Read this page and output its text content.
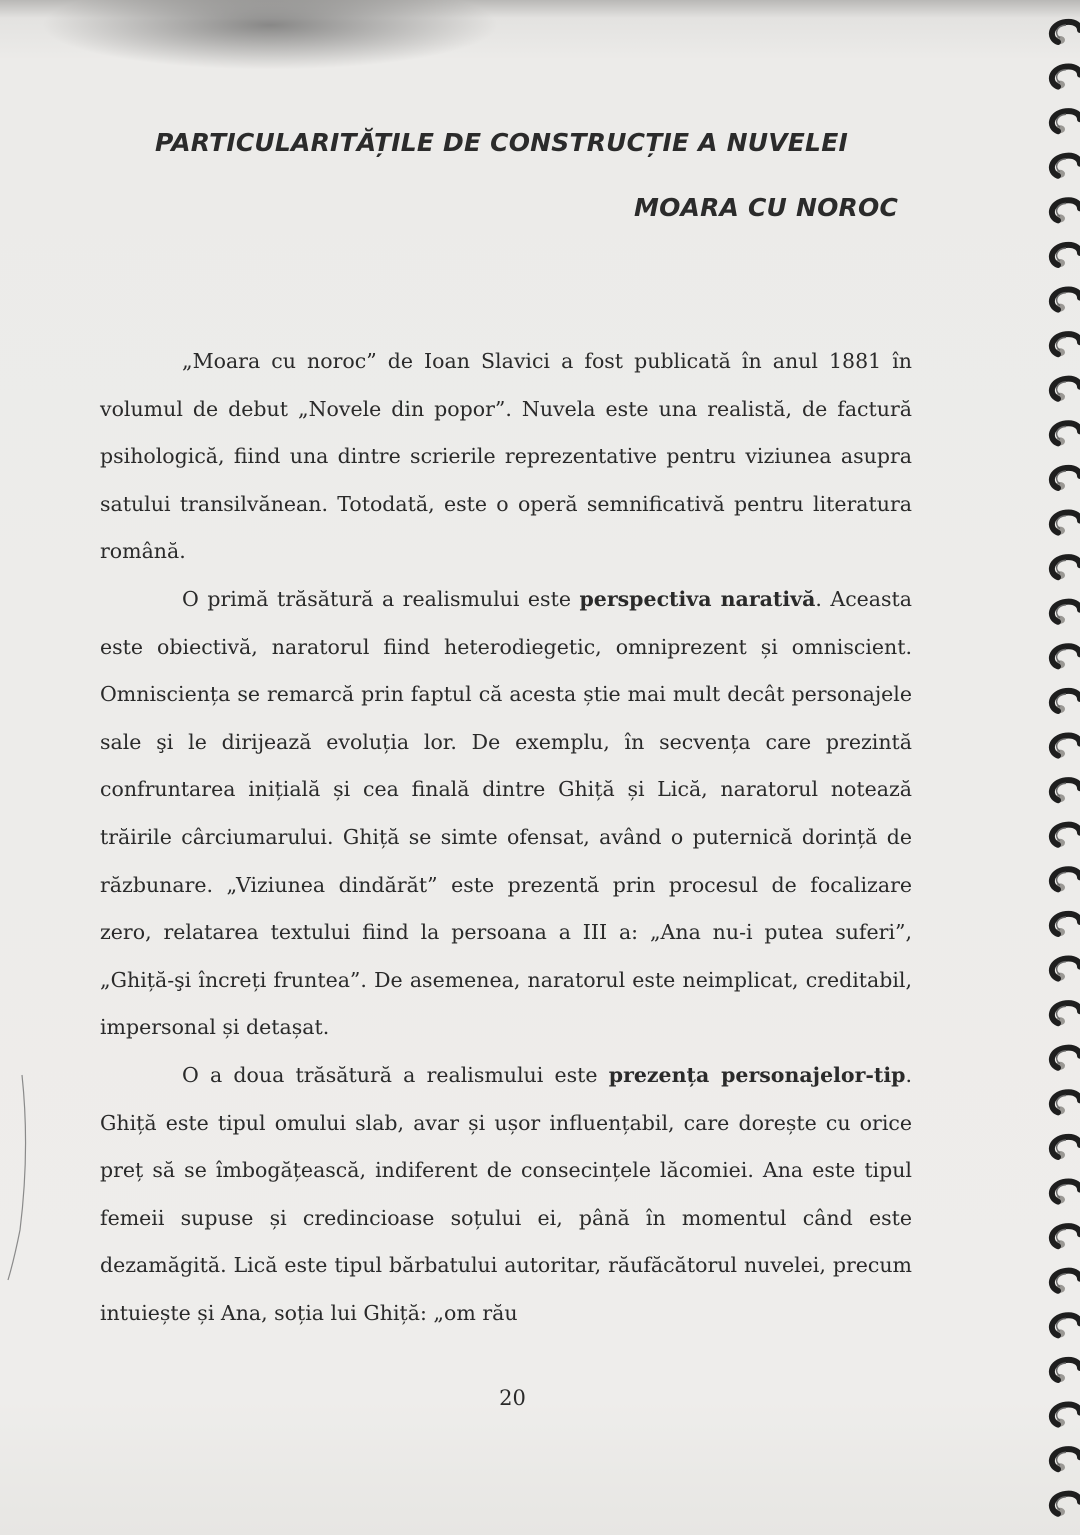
PARTICULARITĂȚILE DE CONSTRUCȚIE A NUVELEI
MOARA CU NOROC

„Moara cu noroc” de Ioan Slavici a fost publicată în anul 1881 în volumul de debut „Novele din popor”. Nuvela este una realistă, de factură psihologică, fiind una dintre scrierile reprezentative pentru viziunea asupra satului transilvănean. Totodată, este o operă semnificativă pentru literatura română.

O primă trăsătură a realismului este perspectiva narativă. Aceasta este obiectivă, naratorul fiind heterodiegetic, omniprezent și omniscient. Omnisciența se remarcă prin faptul că acesta știe mai mult decât personajele sale şi le dirijează evoluția lor. De exemplu, în secvența care prezintă confruntarea inițială și cea finală dintre Ghiță și Lică, naratorul notează trăirile cârciumarului. Ghiță se simte ofensat, având o puternică dorință de răzbunare. „Viziunea dindărăt” este prezentă prin procesul de focalizare zero, relatarea textului fiind la persoana a III a: „Ana nu-i putea suferi”, „Ghiță-şi încreți fruntea”. De asemenea, naratorul este neimplicat, creditabil, impersonal și detașat.

O a doua trăsătură a realismului este prezența personajelor-tip. Ghiță este tipul omului slab, avar și ușor influențabil, care dorește cu orice preț să se îmbogățească, indiferent de consecințele lăcomiei. Ana este tipul femeii supuse și credincioase soțului ei, până în momentul când este dezamăgită. Lică este tipul bărbatului autoritar, răufăcătorul nuvelei, precum intuiește și Ana, soția lui Ghiță: „om rău

20
